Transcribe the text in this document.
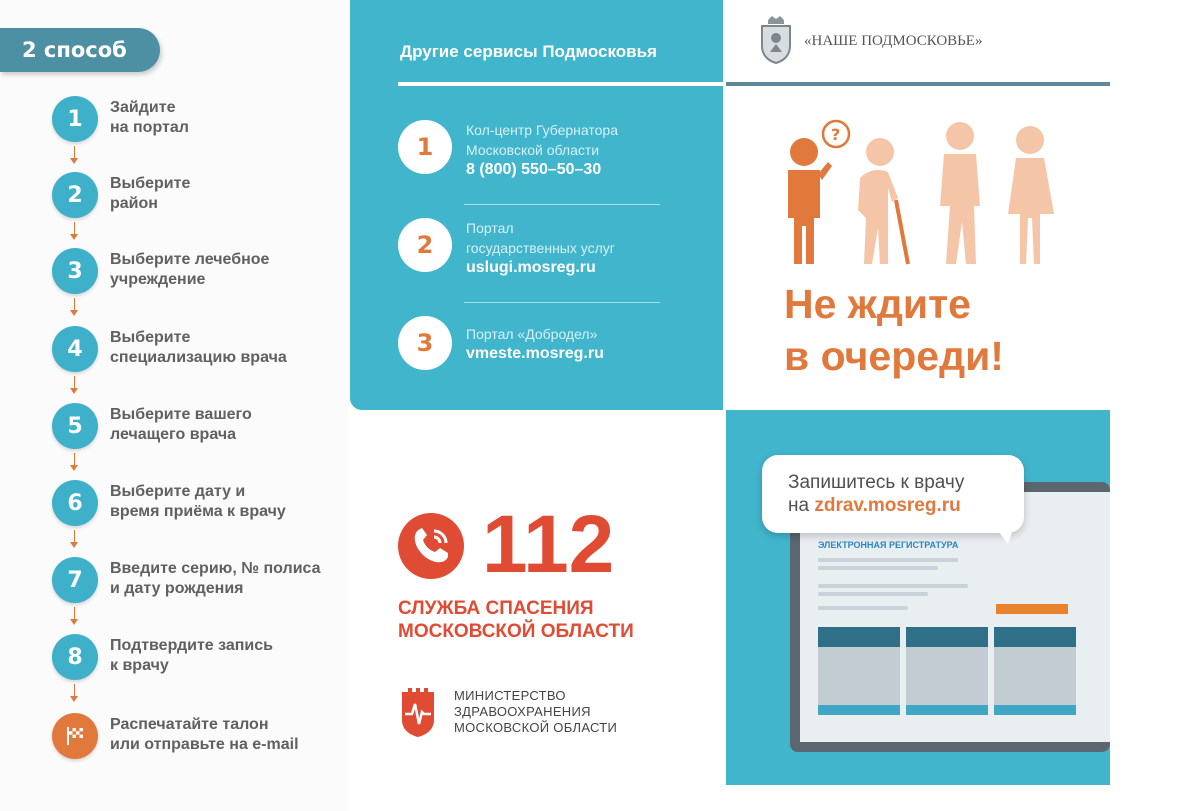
2 способ
1	Зайдите
на портал
2	Выберите
район
3	Выберите лечебное
учреждение
4	Выберите
специализацию врача
5	Выберите вашего
лечащего врача
6	Выберите дату и
время приёма к врачу
7	Введите серию, № полиса
и дату рождения
8	Подтвердите запись
к врачу
Распечатайте талон
или отправьте на e-mail
Другие сервисы Подмосковья
1
Кол-центр Губернатора
Московской области
8 (800) 550–50–30
2
Портал
государственных услуг
uslugi.mosreg.ru
3	Портал «Добродел»
vmeste.mosreg.ru
112
СЛУЖБА СПАСЕНИЯ
МОСКОВСКОЙ ОБЛАСТИ
МИНИСТЕРСТВО
ЗДРАВООХРАНЕНИЯ
МОСКОВСКОЙ ОБЛАСТИ
«НАШЕ ПОДМОСКОВЬЕ»
?
Не ждите
в очереди!
ЭЛЕКТРОННАЯ РЕГИСТРАТУРА
Запишитесь к врачу
на zdrav.mosreg.ru
